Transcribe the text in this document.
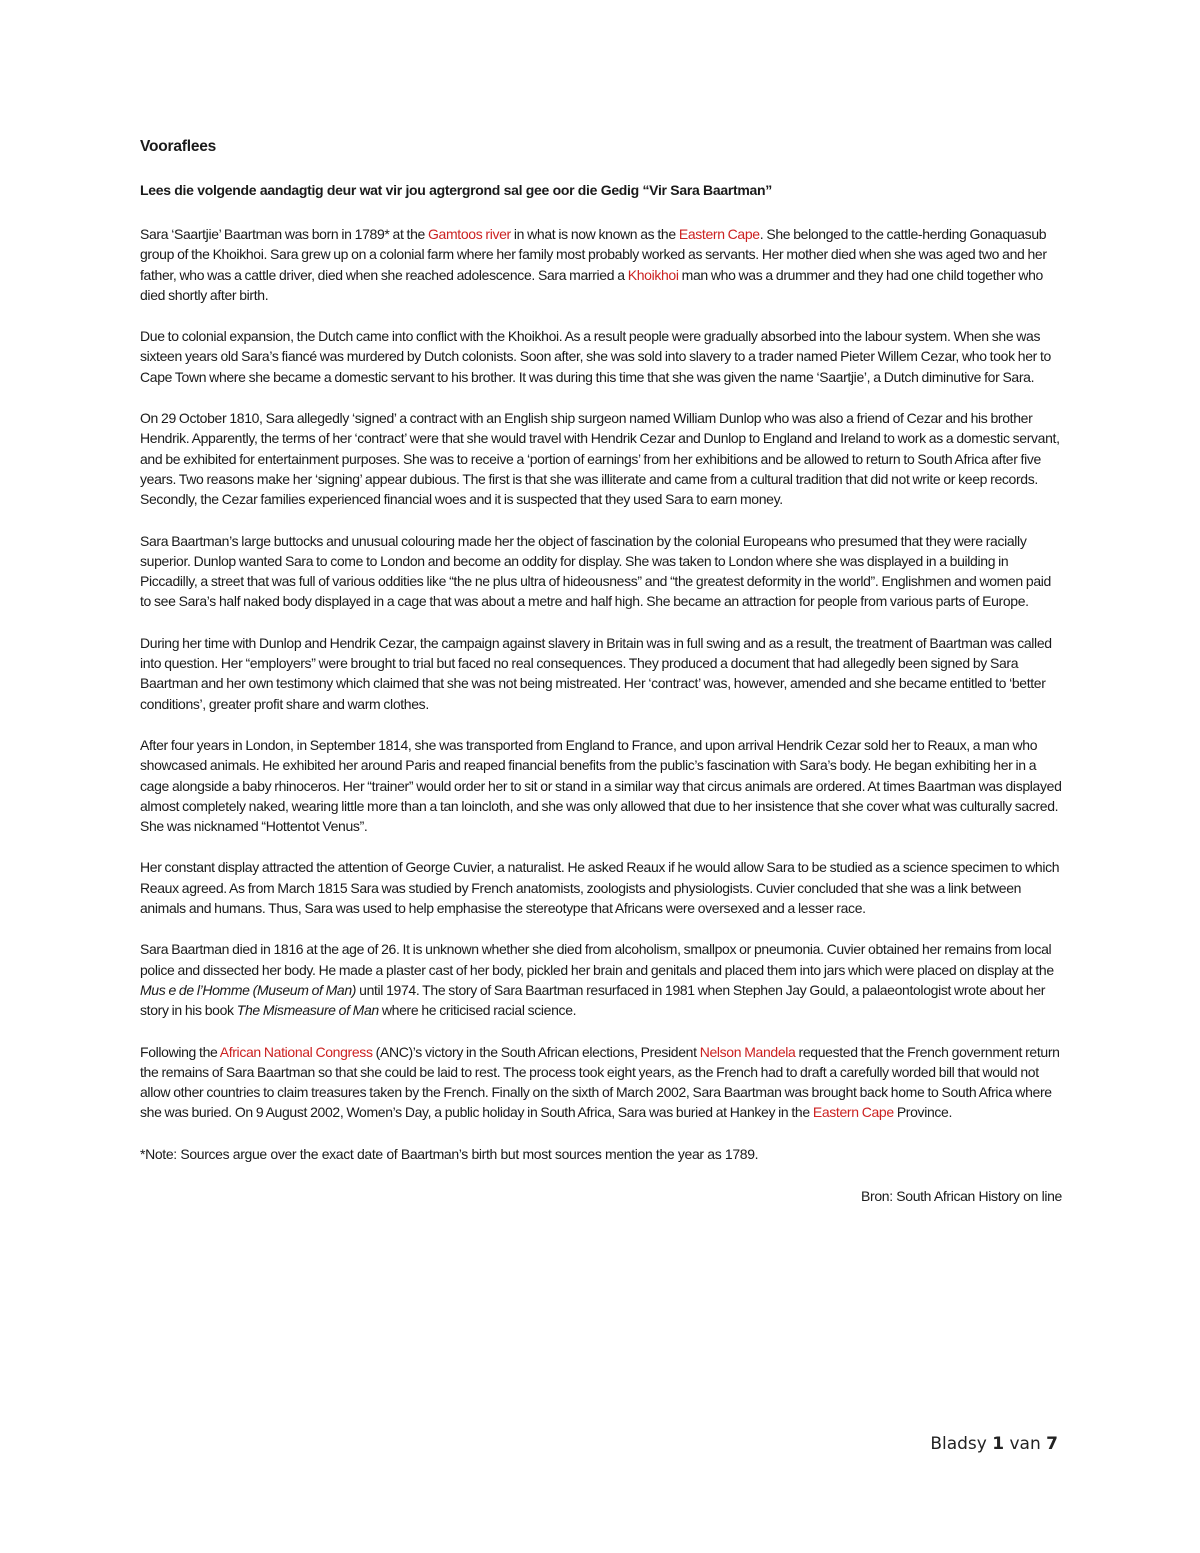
Vooraflees
Lees die volgende aandagtig deur wat vir jou agtergrond sal gee oor die Gedig “Vir Sara Baartman”

Sara ‘Saartjie’ Baartman was born in 1789* at the Gamtoos river in what is now known as the Eastern Cape. She belonged to the cattle-herding Gonaquasub group of the Khoikhoi. Sara grew up on a colonial farm where her family most probably worked as servants. Her mother died when she was aged two and her father, who was a cattle driver, died when she reached adolescence. Sara married a Khoikhoi man who was a drummer and they had one child together who died shortly after birth.

Due to colonial expansion, the Dutch came into conflict with the Khoikhoi. As a result people were gradually absorbed into the labour system. When she was sixteen years old Sara’s fiancé was murdered by Dutch colonists. Soon after, she was sold into slavery to a trader named Pieter Willem Cezar, who took her to Cape Town where she became a domestic servant to his brother. It was during this time that she was given the name ‘Saartjie’, a Dutch diminutive for Sara.

On 29 October 1810, Sara allegedly ‘signed’ a contract with an English ship surgeon named William Dunlop who was also a friend of Cezar and his brother Hendrik. Apparently, the terms of her ‘contract’ were that she would travel with Hendrik Cezar and Dunlop to England and Ireland to work as a domestic servant, and be exhibited for entertainment purposes. She was to receive a ‘portion of earnings’ from her exhibitions and be allowed to return to South Africa after five years. Two reasons make her ‘signing’ appear dubious. The first is that she was illiterate and came from a cultural tradition that did not write or keep records. Secondly, the Cezar families experienced financial woes and it is suspected that they used Sara to earn money.

Sara Baartman’s large buttocks and unusual colouring made her the object of fascination by the colonial Europeans who presumed that they were racially superior. Dunlop wanted Sara to come to London and become an oddity for display. She was taken to London where she was displayed in a building in Piccadilly, a street that was full of various oddities like “the ne plus ultra of hideousness” and “the greatest deformity in the world”. Englishmen and women paid to see Sara’s half naked body displayed in a cage that was about a metre and half high. She became an attraction for people from various parts of Europe.

During her time with Dunlop and Hendrik Cezar, the campaign against slavery in Britain was in full swing and as a result, the treatment of Baartman was called into question. Her “employers” were brought to trial but faced no real consequences. They produced a document that had allegedly been signed by Sara Baartman and her own testimony which claimed that she was not being mistreated. Her ‘contract’ was, however, amended and she became entitled to ‘better conditions’, greater profit share and warm clothes.

After four years in London, in September 1814, she was transported from England to France, and upon arrival Hendrik Cezar sold her to Reaux, a man who showcased animals. He exhibited her around Paris and reaped financial benefits from the public’s fascination with Sara’s body. He began exhibiting her in a cage alongside a baby rhinoceros. Her “trainer” would order her to sit or stand in a similar way that circus animals are ordered. At times Baartman was displayed almost completely naked, wearing little more than a tan loincloth, and she was only allowed that due to her insistence that she cover what was culturally sacred. She was nicknamed “Hottentot Venus”.

Her constant display attracted the attention of George Cuvier, a naturalist. He asked Reaux if he would allow Sara to be studied as a science specimen to which Reaux agreed. As from March 1815 Sara was studied by French anatomists, zoologists and physiologists. Cuvier concluded that she was a link between animals and humans. Thus, Sara was used to help emphasise the stereotype that Africans were oversexed and a lesser race.

Sara Baartman died in 1816 at the age of 26. It is unknown whether she died from alcoholism, smallpox or pneumonia. Cuvier obtained her remains from local police and dissected her body. He made a plaster cast of her body, pickled her brain and genitals and placed them into jars which were placed on display at the Mus e de l’Homme (Museum of Man) until 1974. The story of Sara Baartman resurfaced in 1981 when Stephen Jay Gould, a palaeontologist wrote about her story in his book The Mismeasure of Man where he criticised racial science.

Following the African National Congress (ANC)’s victory in the South African elections, President Nelson Mandela requested that the French government return the remains of Sara Baartman so that she could be laid to rest. The process took eight years, as the French had to draft a carefully worded bill that would not allow other countries to claim treasures taken by the French. Finally on the sixth of March 2002, Sara Baartman was brought back home to South Africa where she was buried. On 9 August 2002, Women’s Day, a public holiday in South Africa, Sara was buried at Hankey in the Eastern Cape Province.

*Note: Sources argue over the exact date of Baartman’s birth but most sources mention the year as 1789.

Bron: South African History on line

Bladsy 1 van 7
